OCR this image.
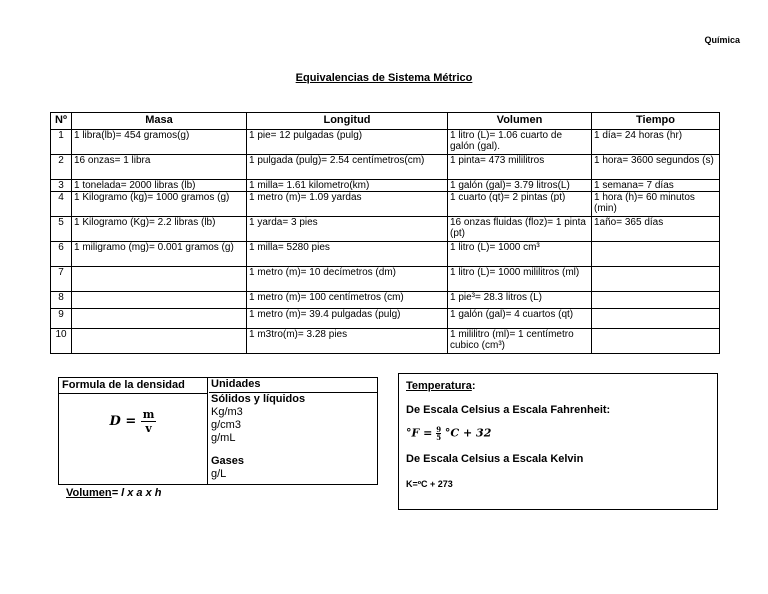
Química
Equivalencias de Sistema Métrico
Nº	Masa	Longitud	Volumen	Tiempo
1	1 libra(lb)= 454 gramos(g)	1 pie= 12 pulgadas (pulg)	1 litro (L)= 1.06 cuarto de galón (gal).	1 día= 24 horas (hr)
2	16 onzas= 1 libra	1 pulgada (pulg)= 2.54 centímetros(cm)	1 pinta= 473 mililitros	1 hora= 3600 segundos (s)
3	1 tonelada= 2000 libras (lb)	1 milla= 1.61 kilometro(km)	1 galón (gal)= 3.79 litros(L)	1 semana= 7 días
4	1 Kilogramo (kg)= 1000 gramos (g)	1 metro (m)= 1.09 yardas	1 cuarto (qt)= 2 pintas (pt)	1 hora (h)= 60 minutos (min)
5	1 Kilogramo (Kg)= 2.2 libras (lb)	1 yarda= 3 pies	16 onzas fluidas (floz)= 1 pinta (pt)	1año= 365 días
6	1 miligramo (mg)= 0.001 gramos (g)	1 milla= 5280 pies	1 litro (L)= 1000 cm³	
7		1 metro (m)= 10 decímetros (dm)	1 litro (L)= 1000 mililitros (ml)	
8		1 metro (m)= 100 centímetros (cm)	1 pie³= 28.3 litros (L)	
9		1 metro (m)= 39.4 pulgadas (pulg)	1 galón (gal)= 4 cuartos (qt)	
10		1 m3tro(m)= 3.28 pies	1 mililitro (ml)= 1 centímetro cubico (cm³)	
Formula de la densidad
$D = \frac{m}{v}$
Unidades
Sólidos y líquidos
Kg/m3
g/cm3
g/mL
Gases
g/L
Volumen= l x a x h
Temperatura:
De Escala Celsius a Escala Fahrenheit:
$^\circ F = \frac{9}{5} ^\circ C + 32$
De Escala Celsius a Escala Kelvin
K=ºC + 273
